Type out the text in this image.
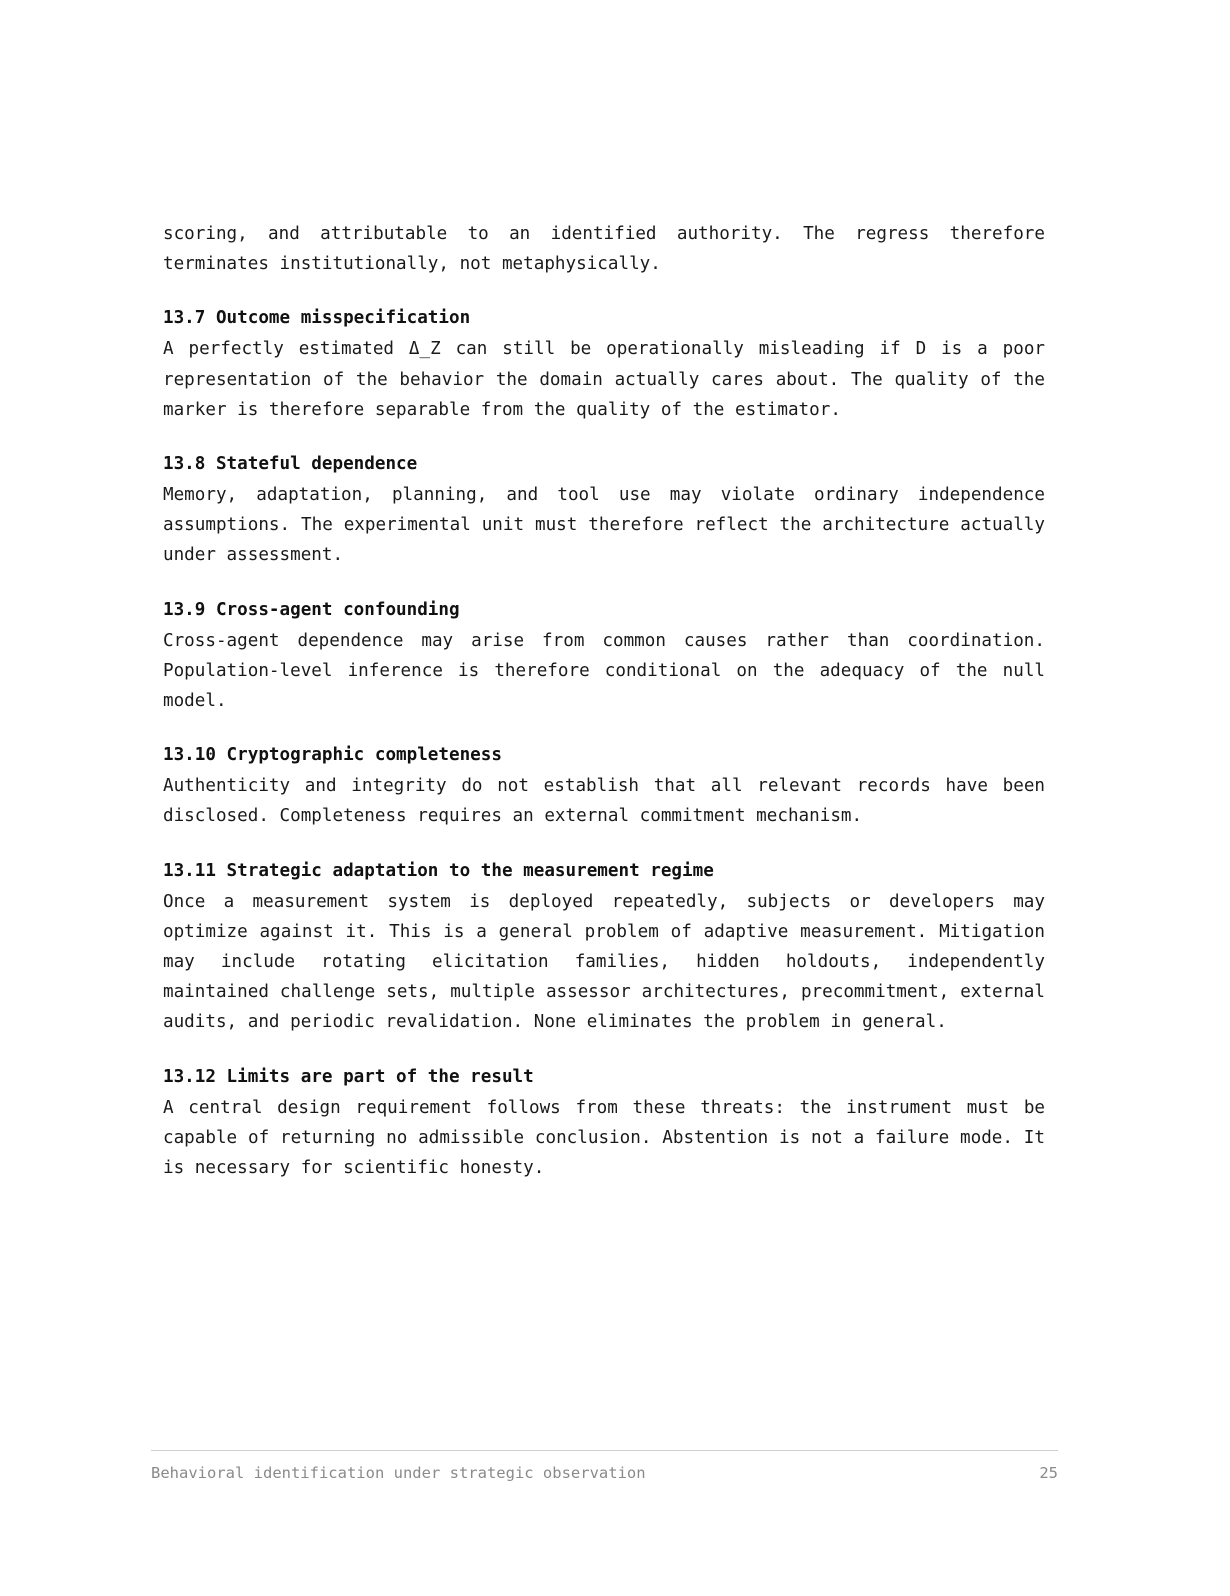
scoring, and attributable to an identified authority. The regress therefore terminates institutionally, not metaphysically.

13.7 Outcome misspecification

A perfectly estimated Δ_Z can still be operationally misleading if D is a poor representation of the behavior the domain actually cares about. The quality of the marker is therefore separable from the quality of the estimator.

13.8 Stateful dependence

Memory, adaptation, planning, and tool use may violate ordinary independence assumptions. The experimental unit must therefore reflect the architecture actually under assessment.

13.9 Cross-agent confounding

Cross-agent dependence may arise from common causes rather than coordination. Population-level inference is therefore conditional on the adequacy of the null model.

13.10 Cryptographic completeness

Authenticity and integrity do not establish that all relevant records have been disclosed. Completeness requires an external commitment mechanism.

13.11 Strategic adaptation to the measurement regime

Once a measurement system is deployed repeatedly, subjects or developers may optimize against it. This is a general problem of adaptive measurement. Mitigation may include rotating elicitation families, hidden holdouts, independently maintained challenge sets, multiple assessor architectures, precommitment, external audits, and periodic revalidation. None eliminates the problem in general.

13.12 Limits are part of the result

A central design requirement follows from these threats: the instrument must be capable of returning no admissible conclusion. Abstention is not a failure mode. It is necessary for scientific honesty.

Behavioral identification under strategic observation	25
